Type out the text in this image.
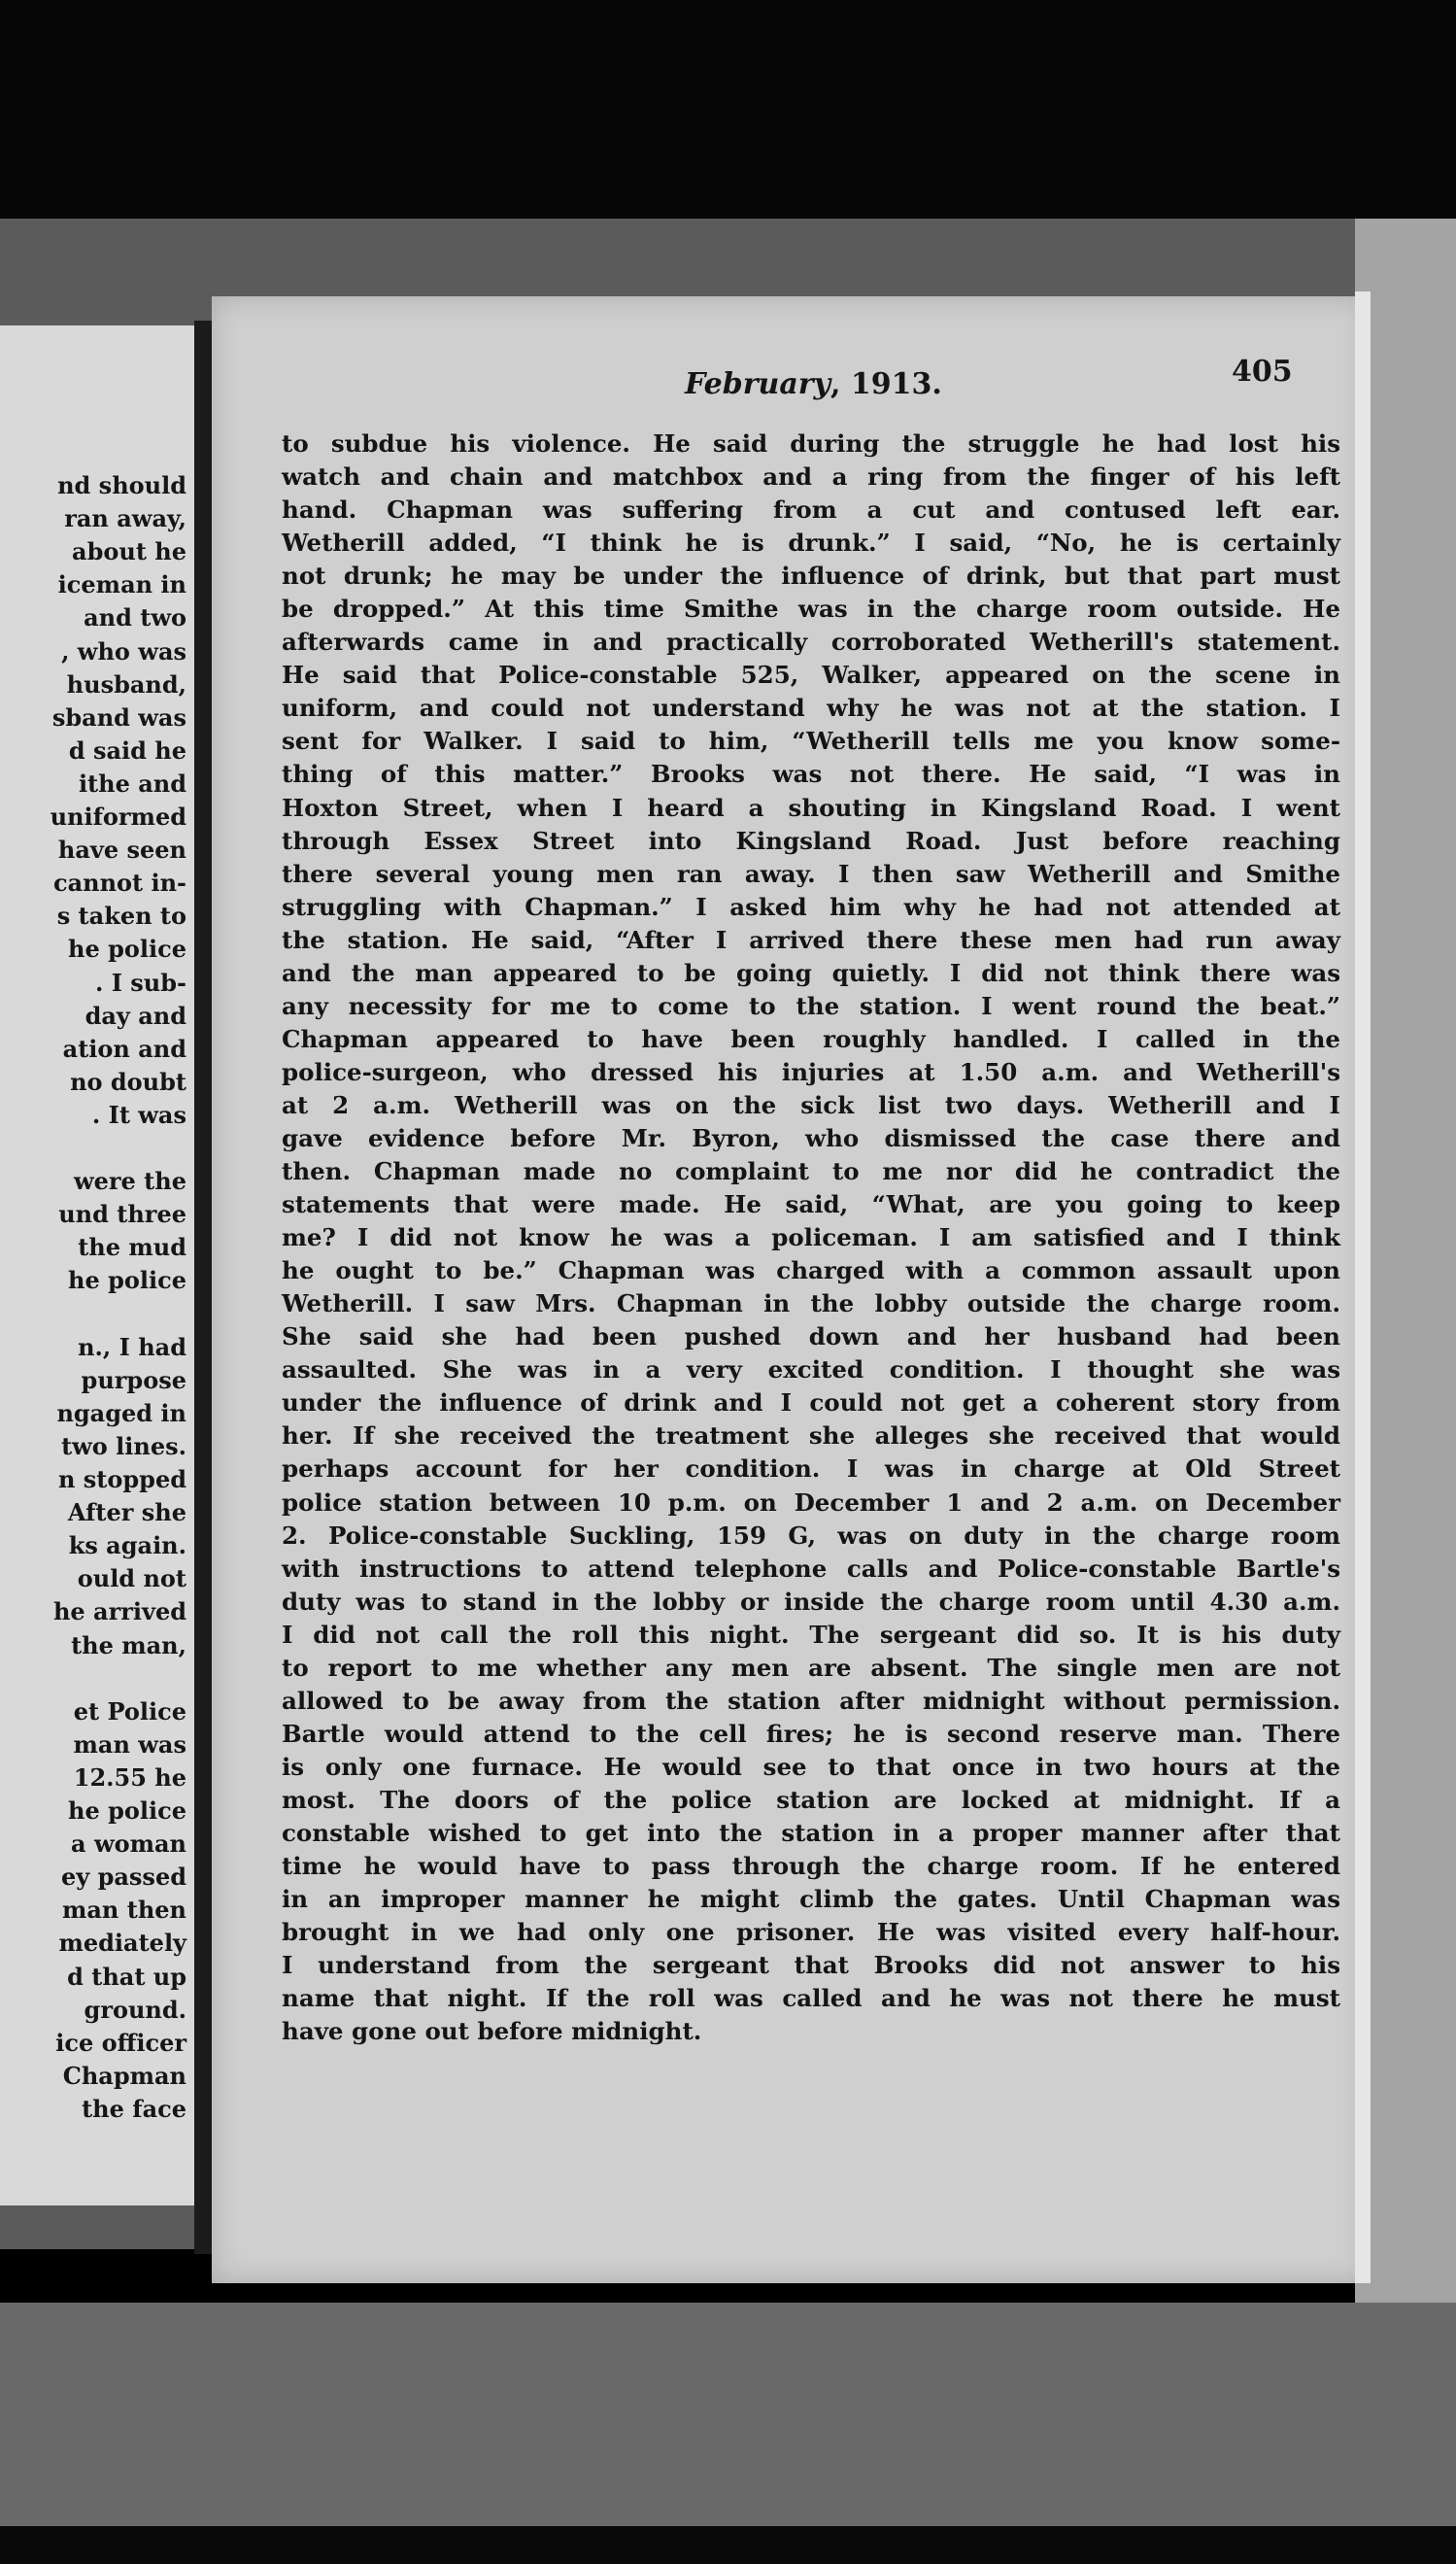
nd should
ran away,
about he
iceman in
and two
, who was
husband,
sband was
d said he
ithe and
uniformed
have seen
cannot in-
s taken to
he police
. I sub-
day and
ation and
no doubt
. It was
were the
und three
the mud
he police
n., I had
purpose
ngaged in
two lines.
n stopped
After she
ks again.
ould not
he arrived
the man,
et Police
man was
12.55 he
he police
a woman
ey passed
man then
mediately
d that up
ground.
ice officer
Chapman
the face
February, 1913.	405
to subdue his violence. He said during the struggle he had lost his
watch and chain and matchbox and a ring from the finger of his left
hand. Chapman was suffering from a cut and contused left ear.
Wetherill added, “I think he is drunk.” I said, “No, he is certainly
not drunk; he may be under the influence of drink, but that part must
be dropped.” At this time Smithe was in the charge room outside. He
afterwards came in and practically corroborated Wetherill's statement.
He said that Police-constable 525, Walker, appeared on the scene in
uniform, and could not understand why he was not at the station. I
sent for Walker. I said to him, “Wetherill tells me you know some-
thing of this matter.” Brooks was not there. He said, “I was in
Hoxton Street, when I heard a shouting in Kingsland Road. I went
through Essex Street into Kingsland Road. Just before reaching
there several young men ran away. I then saw Wetherill and Smithe
struggling with Chapman.” I asked him why he had not attended at
the station. He said, “After I arrived there these men had run away
and the man appeared to be going quietly. I did not think there was
any necessity for me to come to the station. I went round the beat.”
Chapman appeared to have been roughly handled. I called in the
police-surgeon, who dressed his injuries at 1.50 a.m. and Wetherill's
at 2 a.m. Wetherill was on the sick list two days. Wetherill and I
gave evidence before Mr. Byron, who dismissed the case there and
then. Chapman made no complaint to me nor did he contradict the
statements that were made. He said, “What, are you going to keep
me? I did not know he was a policeman. I am satisfied and I think
he ought to be.” Chapman was charged with a common assault upon
Wetherill. I saw Mrs. Chapman in the lobby outside the charge room.
She said she had been pushed down and her husband had been
assaulted. She was in a very excited condition. I thought she was
under the influence of drink and I could not get a coherent story from
her. If she received the treatment she alleges she received that would
perhaps account for her condition. I was in charge at Old Street
police station between 10 p.m. on December 1 and 2 a.m. on December
2. Police-constable Suckling, 159 G, was on duty in the charge room
with instructions to attend telephone calls and Police-constable Bartle's
duty was to stand in the lobby or inside the charge room until 4.30 a.m.
I did not call the roll this night. The sergeant did so. It is his duty
to report to me whether any men are absent. The single men are not
allowed to be away from the station after midnight without permission.
Bartle would attend to the cell fires; he is second reserve man. There
is only one furnace. He would see to that once in two hours at the
most. The doors of the police station are locked at midnight. If a
constable wished to get into the station in a proper manner after that
time he would have to pass through the charge room. If he entered
in an improper manner he might climb the gates. Until Chapman was
brought in we had only one prisoner. He was visited every half-hour.
I understand from the sergeant that Brooks did not answer to his
name that night. If the roll was called and he was not there he must
have gone out before midnight.
